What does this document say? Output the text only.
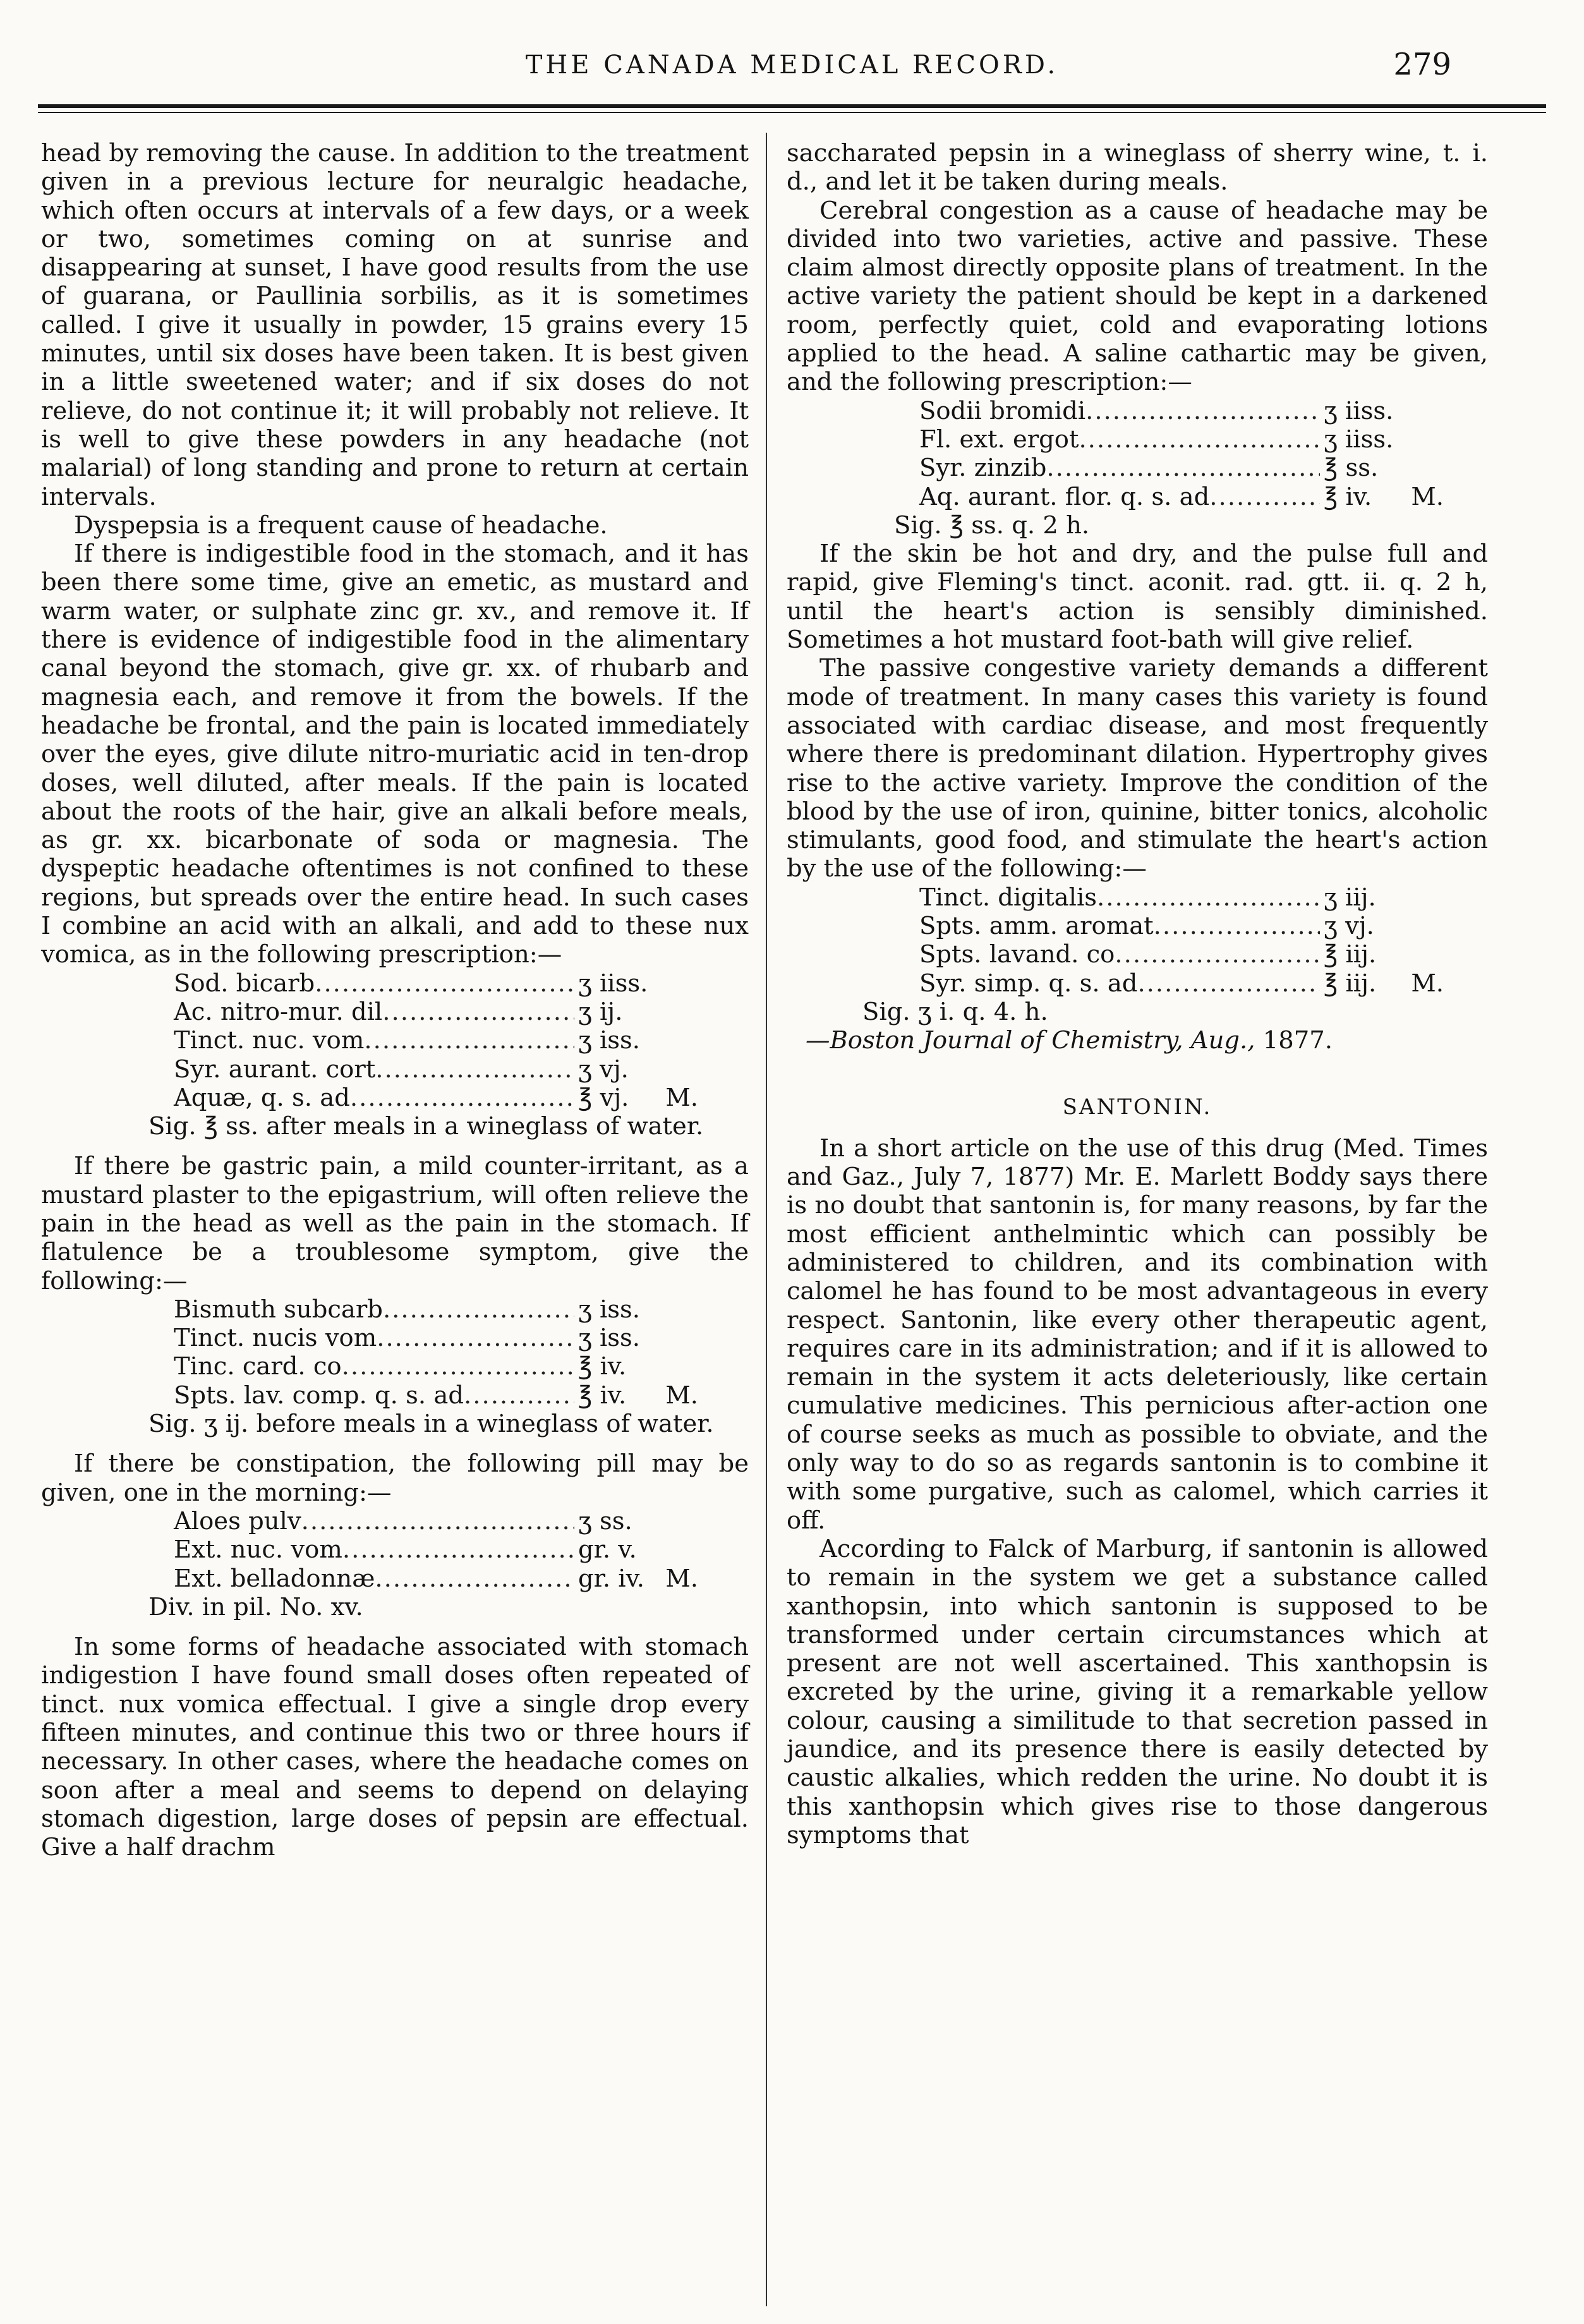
THE CANADA MEDICAL RECORD.	279

head by removing the cause. In addition to the treatment given in a previous lecture for neuralgic headache, which often occurs at intervals of a few days, or a week or two, sometimes coming on at sunrise and disappearing at sunset, I have good results from the use of guarana, or Paullinia sorbilis, as it is sometimes called. I give it usually in powder, 15 grains every 15 minutes, until six doses have been taken. It is best given in a little sweetened water; and if six doses do not relieve, do not continue it; it will probably not relieve. It is well to give these powders in any headache (not malarial) of long standing and prone to return at certain intervals.

Dyspepsia is a frequent cause of headache.

If there is indigestible food in the stomach, and it has been there some time, give an emetic, as mustard and warm water, or sulphate zinc gr. xv., and remove it. If there is evidence of indigestible food in the alimentary canal beyond the stomach, give gr. xx. of rhubarb and magnesia each, and remove it from the bowels. If the headache be frontal, and the pain is located immediately over the eyes, give dilute nitro-muriatic acid in ten-drop doses, well diluted, after meals. If the pain is located about the roots of the hair, give an alkali before meals, as gr. xx. bicarbonate of soda or magnesia. The dyspeptic headache oftentimes is not confined to these regions, but spreads over the entire head. In such cases I combine an acid with an alkali, and add to these nux vomica, as in the following prescription:—

Sod. bicarb .....	ʒ iiss.
Ac. nitro-mur. dil .....	ʒ ij.
Tinct. nuc. vom .....	ʒ iss.
Syr. aurant. cort .....	ʒ vj.
Aquæ, q. s. ad .....	℥ vj.	M.

Sig. ℥ ss. after meals in a wineglass of water.

If there be gastric pain, a mild counter-irritant, as a mustard plaster to the epigastrium, will often relieve the pain in the head as well as the pain in the stomach. If flatulence be a troublesome symptom, give the following:—

Bismuth subcarb .....	ʒ iss.
Tinct. nucis vom .....	ʒ iss.
Tinc. card. co .....	℥ iv.
Spts. lav. comp. q. s. ad .....	℥ iv.	M.

Sig. ʒ ij. before meals in a wineglass of water.

If there be constipation, the following pill may be given, one in the morning:—

Aloes pulv .....	ʒ ss.
Ext. nuc. vom .....	gr. v.
Ext. belladonnæ .....	gr. iv. M.

Div. in pil. No. xv.

In some forms of headache associated with stomach indigestion I have found small doses often repeated of tinct. nux vomica effectual. I give a single drop every fifteen minutes, and continue this two or three hours if necessary. In other cases, where the headache comes on soon after a meal and seems to depend on delaying stomach digestion, large doses of pepsin are effectual. Give a half drachm

saccharated pepsin in a wineglass of sherry wine, t. i. d., and let it be taken during meals.

Cerebral congestion as a cause of headache may be divided into two varieties, active and passive. These claim almost directly opposite plans of treatment. In the active variety the patient should be kept in a darkened room, perfectly quiet, cold and evaporating lotions applied to the head. A saline cathartic may be given, and the following prescription:—

Sodii bromidi .....	ʒ iiss.
Fl. ext. ergot .....	ʒ iiss.
Syr. zinzib .....	℥ ss.
Aq. aurant. flor. q. s. ad .....	℥ iv.	M.

Sig. ℥ ss. q. 2 h.

If the skin be hot and dry, and the pulse full and rapid, give Fleming's tinct. aconit. rad. gtt. ii. q. 2 h, until the heart's action is sensibly diminished. Sometimes a hot mustard foot-bath will give relief.

The passive congestive variety demands a different mode of treatment. In many cases this variety is found associated with cardiac disease, and most frequently where there is predominant dilation. Hypertrophy gives rise to the active variety. Improve the condition of the blood by the use of iron, quinine, bitter tonics, alcoholic stimulants, good food, and stimulate the heart's action by the use of the following:—

Tinct. digitalis .....	ʒ iij.
Spts. amm. aromat .....	ʒ vj.
Spts. lavand. co .....	℥ iij.
Syr. simp. q. s. ad .....	℥ iij.	M.

Sig. ʒ i. q. 4. h.

—Boston Journal of Chemistry, Aug., 1877.

SANTONIN.

In a short article on the use of this drug (Med. Times and Gaz., July 7, 1877) Mr. E. Marlett Boddy says there is no doubt that santonin is, for many reasons, by far the most efficient anthelmintic which can possibly be administered to children, and its combination with calomel he has found to be most advantageous in every respect. Santonin, like every other therapeutic agent, requires care in its administration; and if it is allowed to remain in the system it acts deleteriously, like certain cumulative medicines. This pernicious after-action one of course seeks as much as possible to obviate, and the only way to do so as regards santonin is to combine it with some purgative, such as calomel, which carries it off.

According to Falck of Marburg, if santonin is allowed to remain in the system we get a substance called xanthopsin, into which santonin is supposed to be transformed under certain circumstances which at present are not well ascertained. This xanthopsin is excreted by the urine, giving it a remarkable yellow colour, causing a similitude to that secretion passed in jaundice, and its presence there is easily detected by caustic alkalies, which redden the urine. No doubt it is this xanthopsin which gives rise to those dangerous symptoms that
